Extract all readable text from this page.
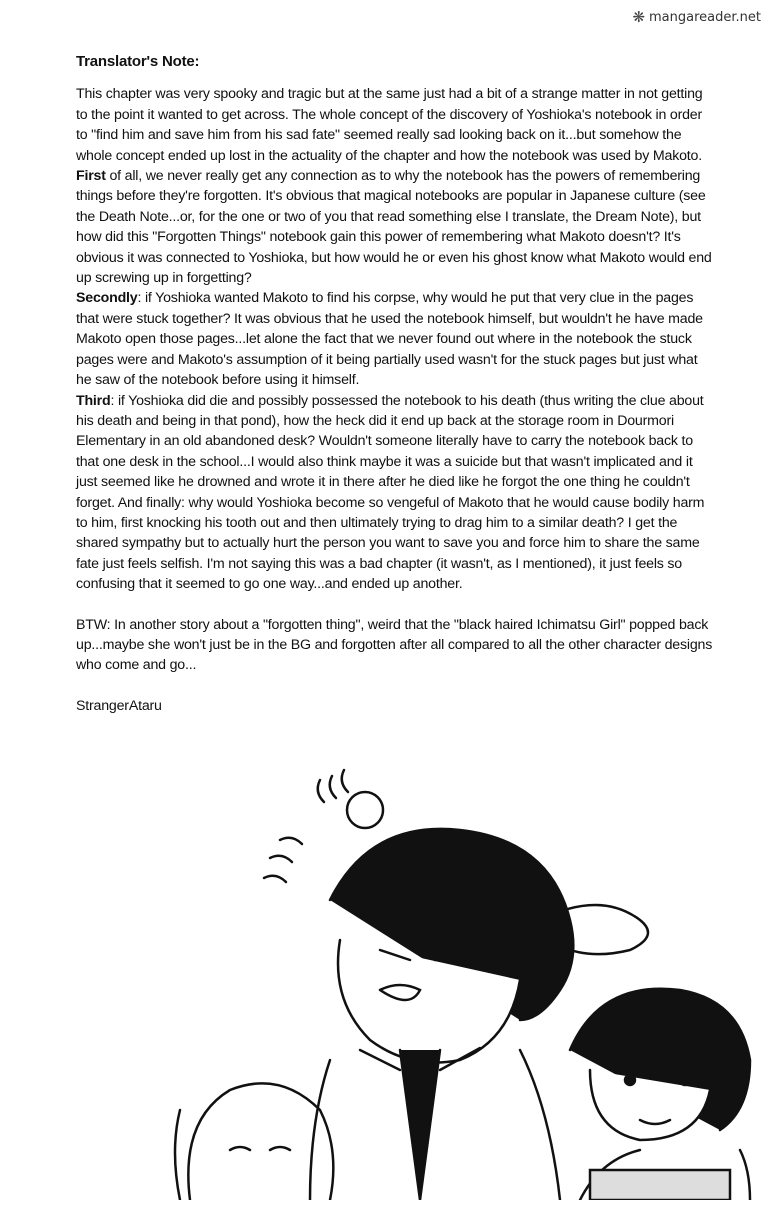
❋ mangareader.net
Translator's Note:

This chapter was very spooky and tragic but at the same just had a bit of a strange matter in not getting to the point it wanted to get across. The whole concept of the discovery of Yoshioka's notebook in order to "find him and save him from his sad fate" seemed really sad looking back on it...but somehow the whole concept ended up lost in the actuality of the chapter and how the notebook was used by Makoto.

First of all, we never really get any connection as to why the notebook has the powers of remembering things before they're forgotten. It's obvious that magical notebooks are popular in Japanese culture (see the Death Note...or, for the one or two of you that read something else I translate, the Dream Note), but how did this "Forgotten Things" notebook gain this power of remembering what Makoto doesn't? It's obvious it was connected to Yoshioka, but how would he or even his ghost know what Makoto would end up screwing up in forgetting?

Secondly: if Yoshioka wanted Makoto to find his corpse, why would he put that very clue in the pages that were stuck together? It was obvious that he used the notebook himself, but wouldn't he have made Makoto open those pages...let alone the fact that we never found out where in the notebook the stuck pages were and Makoto's assumption of it being partially used wasn't for the stuck pages but just what he saw of the notebook before using it himself.

Third: if Yoshioka did die and possibly possessed the notebook to his death (thus writing the clue about his death and being in that pond), how the heck did it end up back at the storage room in Dourmori Elementary in an old abandoned desk? Wouldn't someone literally have to carry the notebook back to that one desk in the school...I would also think maybe it was a suicide but that wasn't implicated and it just seemed like he drowned and wrote it in there after he died like he forgot the one thing he couldn't forget. And finally: why would Yoshioka become so vengeful of Makoto that he would cause bodily harm to him, first knocking his tooth out and then ultimately trying to drag him to a similar death? I get the shared sympathy but to actually hurt the person you want to save you and force him to share the same fate just feels selfish. I'm not saying this was a bad chapter (it wasn't, as I mentioned), it just feels so confusing that it seemed to go one way...and ended up another.

BTW: In another story about a "forgotten thing", weird that the "black haired Ichimatsu Girl" popped back up...maybe she won't just be in the BG and forgotten after all compared to all the other character designs who come and go...

StrangerAtaru
